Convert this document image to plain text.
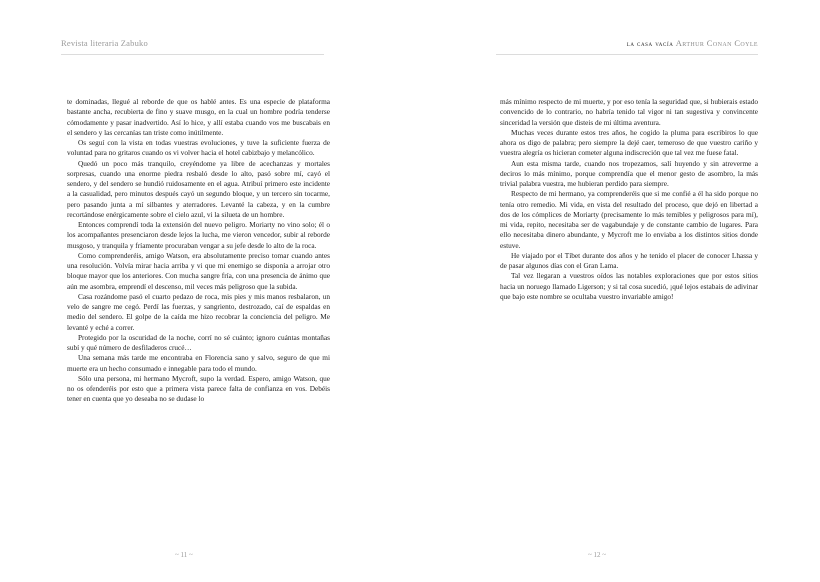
Revista literaria Zabuko

te dominadas, llegué al reborde de que os hablé antes. Es una especie de plataforma bastante ancha, recubierta de fino y suave musgo, en la cual un hombre podría tenderse cómodamente y pasar inadvertido. Así lo hice, y allí estaba cuando vos me buscabais en el sendero y las cercanías tan triste como inútilmente.

Os seguí con la vista en todas vuestras evoluciones, y tuve la suficiente fuerza de voluntad para no gritaros cuando os vi volver hacia el hotel cabizbajo y melancólico.

Quedó un poco más tranquilo, creyéndome ya libre de acechanzas y mortales sorpresas, cuando una enorme piedra resbaló desde lo alto, pasó sobre mí, cayó el sendero, y del sendero se hundió ruidosamente en el agua. Atribuí primero este incidente a la casualidad, pero minutos después cayó un segundo bloque, y un tercero sin tocarme, pero pasando junta a mí silbantes y aterradores. Levanté la cabeza, y en la cumbre recortándose enérgicamente sobre el cielo azul, vi la silueta de un hombre.

Entonces comprendí toda la extensión del nuevo peligro. Moriarty no vino solo; él o los acompañantes presenciaron desde lejos la lucha, me vieron vencedor, subir al reborde musgoso, y tranquila y fríamente procuraban vengar a su jefe desde lo alto de la roca.

Como comprenderéis, amigo Watson, era absolutamente preciso tomar cuando antes una resolución. Volvía mirar hacia arriba y vi que mi enemigo se disponía a arrojar otro bloque mayor que los anteriores. Con mucha sangre fría, con una presencia de ánimo que aún me asombra, emprendí el descenso, mil veces más peligroso que la subida.

Casa rozándome pasó el cuarto pedazo de roca, mis pies y mis manos resbalaron, un velo de sangre me cegó. Perdí las fuerzas, y sangriento, destrozado, caí de espaldas en medio del sendero. El golpe de la caída me hizo recobrar la conciencia del peligro. Me levanté y eché a correr.

Protegido por la oscuridad de la noche, corrí no sé cuánto; ignoro cuántas montañas subí y qué número de desfiladeros crucé…

Una semana más tarde me encontraba en Florencia sano y salvo, seguro de que mi muerte era un hecho consumado e innegable para todo el mundo.

Sólo una persona, mi hermano Mycroft, supo la verdad. Espero, amigo Watson, que no os ofenderéis por esto que a primera vista parece falta de confianza en vos. Debéis tener en cuenta que yo deseaba no se dudase lo

~ 11 ~
la casa vacía Arthur Conan Coyle

más mínimo respecto de mi muerte, y por eso tenía la seguridad que, si hubierais estado convencido de lo contrario, no habría tenido tal vigor ni tan sugestiva y convincente sinceridad la versión que disteis de mi última aventura.

Muchas veces durante estos tres años, he cogido la pluma para escribiros lo que ahora os digo de palabra; pero siempre la dejé caer, temeroso de que vuestro cariño y vuestra alegría os hicieran cometer alguna indiscreción que tal vez me fuese fatal.

Aun esta misma tarde, cuando nos tropezamos, salí huyendo y sin atreverme a deciros lo más mínimo, porque comprendía que el menor gesto de asombro, la más trivial palabra vuestra, me hubieran perdido para siempre.

Respecto de mi hermano, ya comprenderéis que si me confié a él ha sido porque no tenía otro remedio. Mi vida, en vista del resultado del proceso, que dejó en libertad a dos de los cómplices de Moriarty (precisamente lo más temibles y peligrosos para mí), mi vida, repito, necesitaba ser de vagabundaje y de constante cambio de lugares. Para ello necesitaba dinero abundante, y Mycroft me lo enviaba a los distintos sitios donde estuve.

He viajado por el Tíbet durante dos años y he tenido el placer de conocer Lhassa y de pasar algunos días con el Gran Lama.

Tal vez llegaran a vuestros oídos las notables exploraciones que por estos sitios hacia un noruego llamado Ligerson; y si tal cosa sucedió, ¡qué lejos estabais de adivinar que bajo este nombre se ocultaba vuestro invariable amigo!

~ 12 ~
